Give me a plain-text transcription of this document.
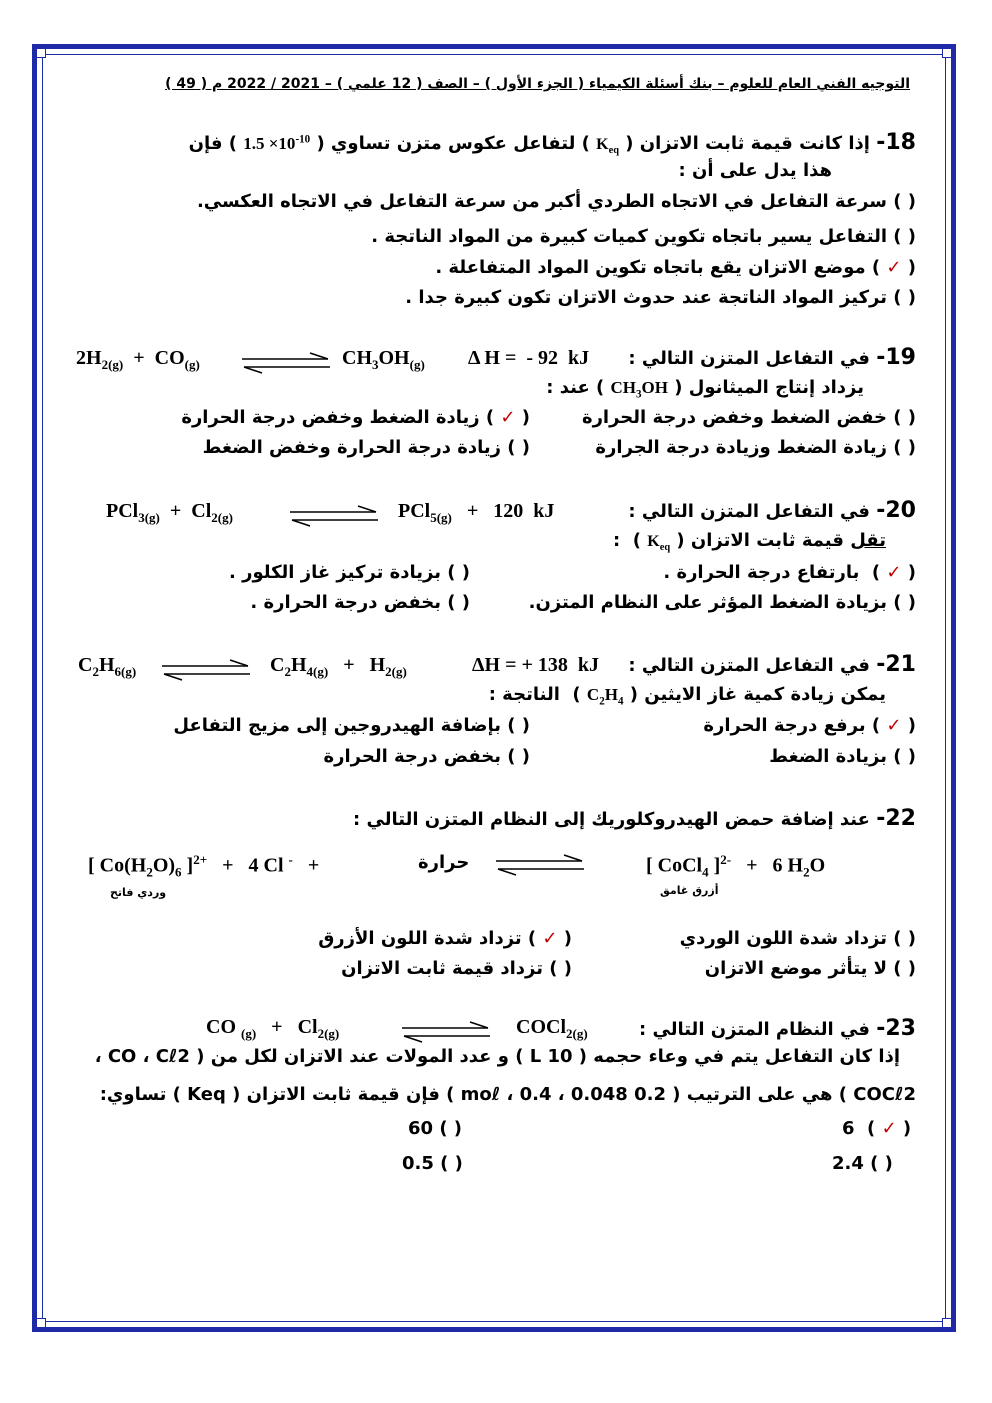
التوجيه الفني العام للعلوم – بنك أسئلة الكيمياء ( الجزء الأول ) – الصف ( 12 علمي ) – 2021 / 2022 م ( 49 )
18- إذا كانت قيمة ثابت الاتزان ( $K_{eq}$ ) لتفاعل عكوس متزن تساوي ( $1.5 \times 10^{-10}$ ) فإن
هذا يدل على أن :
( ) سرعة التفاعل في الاتجاه الطردي أكبر من سرعة التفاعل في الاتجاه العكسي.
( ) التفاعل يسير باتجاه تكوين كميات كبيرة من المواد الناتجة .
( ✓ ) موضع الاتزان يقع باتجاه تكوين المواد المتفاعلة .
( ) تركيز المواد الناتجة عند حدوث الاتزان تكون كبيرة جدا .
19- في التفاعل المتزن التالي :
Δ H =  - 92  kJ
$2H_{2(g)} + CO_{(g)}$	$CH_3OH_{(g)}$
يزداد إنتاج الميثانول ( $CH_3OH$ ) عند :
( ) خفض الضغط وخفض درجة الحرارة
( ✓ ) زيادة الضغط وخفض درجة الحرارة
( ) زيادة الضغط وزيادة درجة الجرارة
( ) زيادة درجة الحرارة وخفض الضغط
20- في التفاعل المتزن التالي :
$PCl_{3(g)} + Cl_{2(g)}$	PCl$_{5(g)}$   +   120  kJ
تقل قيمة ثابت الاتزان ( $K_{eq}$ )  :
( ✓ )  بارتفاع درجة الحرارة .
( ) بزيادة تركيز غاز الكلور .
( ) بزيادة الضغط المؤثر على النظام المتزن.
( ) بخفض درجة الحرارة .
21- في التفاعل المتزن التالي :
ΔH = + 138  kJ
$C_2H_{6(g)}$	$C_2H_{4(g)} + H_{2(g)}$
يمكن زيادة كمية غاز الايثين ( $C_2H_4$ )  الناتجة :
( ✓ ) برفع درجة الحرارة
( ) بإضافة الهيدروجين إلى مزيج التفاعل
( ) بزيادة الضغط
( ) بخفض درجة الحرارة
22- عند إضافة حمض الهيدروكلوريك إلى النظام المتزن التالي :
[ $Co(H_2O)_6$ ]$^{2+}$   +   4 Cl -   +	حرارة	[ CoCl$_4$ ]$^{2-}$   +   6 $H_2O$
وردي فاتح	أزرق غامق
( ) تزداد شدة اللون الوردي
( ✓ ) تزداد شدة اللون الأزرق
( ) لا يتأثر موضع الاتزان
( ) تزداد قيمة ثابت الاتزان
23- في النظام المتزن التالي :
CO $_{(g)} + Cl_{2(g)}$	COCl$_{2(g)}$
إذا كان التفاعل يتم في وعاء حجمه ( 10 L ) و عدد المولات عند الاتزان لكل من ( CO ، Cℓ2 ،
COCℓ2 ) هي على الترتيب ( 0.2 moℓ ، 0.4 ، 0.048 ) فإن قيمة ثابت الاتزان ( Keq ) تساوي:
6  ( ✓ )
60 ( )
2.4 ( )
0.5 ( )
